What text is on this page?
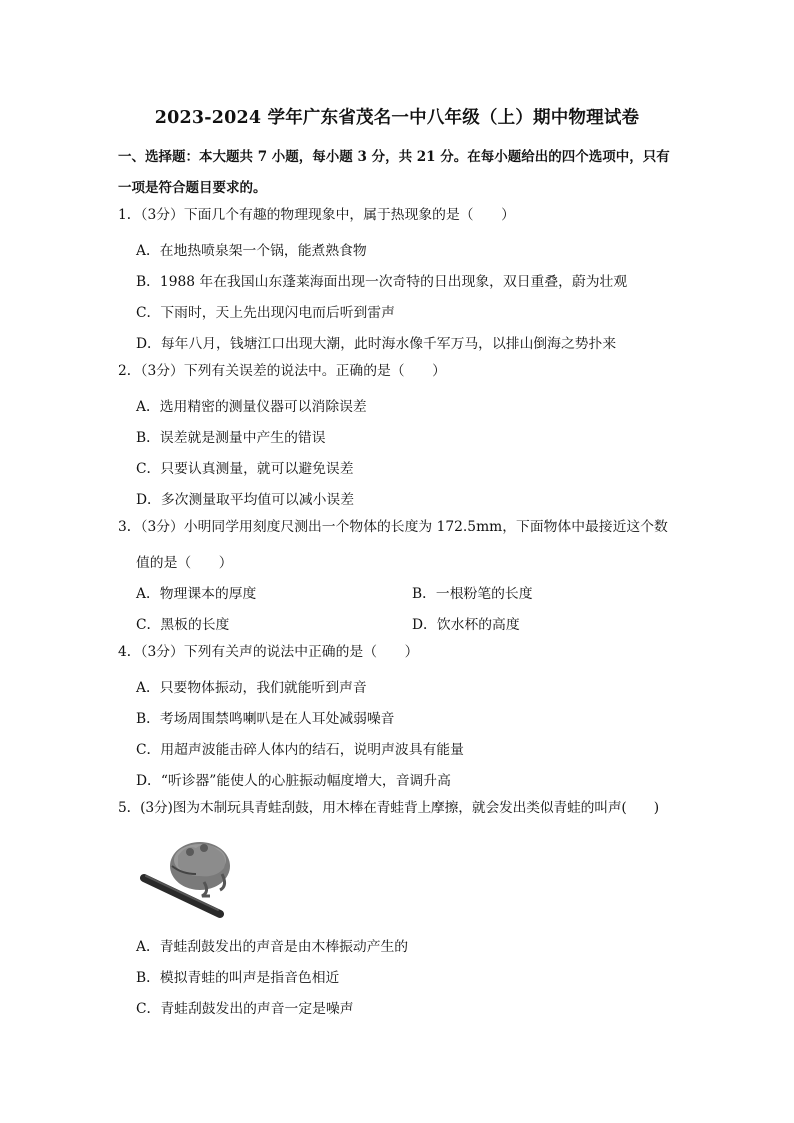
2023-2024 学年广东省茂名一中八年级（上）期中物理试卷
一、选择题：本大题共 7 小题，每小题 3 分，共 21 分。在每小题给出的四个选项中，只有
一项是符合题目要求的。
1．（3分）下面几个有趣的物理现象中，属于热现象的是（　　）
A．在地热喷泉架一个锅，能煮熟食物
B．1988 年在我国山东蓬莱海面出现一次奇特的日出现象，双日重叠，蔚为壮观
C．下雨时，天上先出现闪电而后听到雷声
D．每年八月，钱塘江口出现大潮，此时海水像千军万马，以排山倒海之势扑来
2．（3分）下列有关误差的说法中。正确的是（　　）
A．选用精密的测量仪器可以消除误差
B．误差就是测量中产生的错误
C．只要认真测量，就可以避免误差
D．多次测量取平均值可以减小误差
3．（3分）小明同学用刻度尺测出一个物体的长度为 172.5mm，下面物体中最接近这个数
值的是（　　）
A．物理课本的厚度	B．一根粉笔的长度
C．黑板的长度	D．饮水杯的高度
4．（3分）下列有关声的说法中正确的是（　　）
A．只要物体振动，我们就能听到声音
B．考场周围禁鸣喇叭是在人耳处减弱噪音
C．用超声波能击碎人体内的结石，说明声波具有能量
D．“听诊器”能使人的心脏振动幅度增大，音调升高
5．(3分)图为木制玩具青蛙刮鼓，用木棒在青蛙背上摩擦，就会发出类似青蛙的叫声(　　)
A．青蛙刮鼓发出的声音是由木棒振动产生的
B．模拟青蛙的叫声是指音色相近
C．青蛙刮鼓发出的声音一定是噪声
